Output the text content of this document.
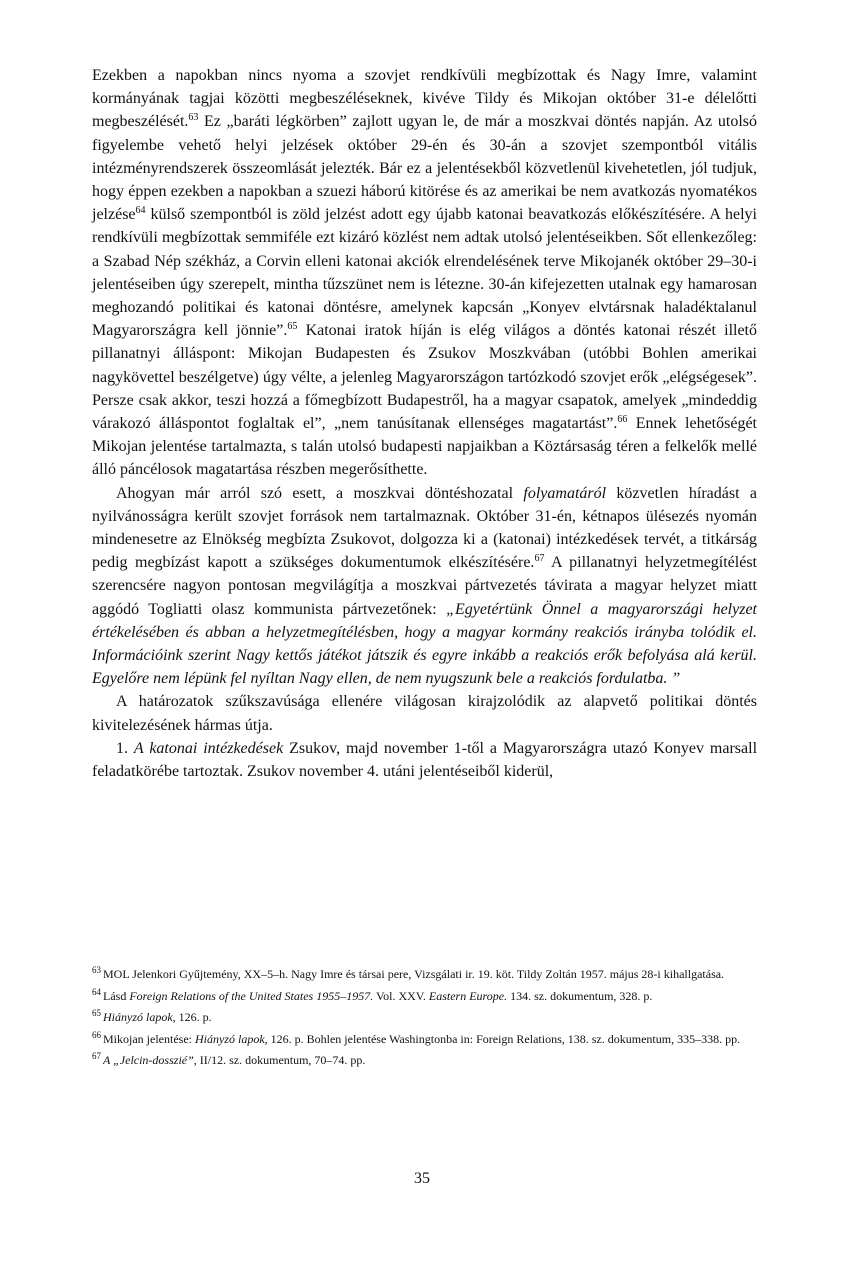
Ezekben a napokban nincs nyoma a szovjet rendkívüli megbízottak és Nagy Imre, valamint kormányának tagjai közötti megbeszéléseknek, kivéve Tildy és Mikojan október 31-e délelőtti megbeszélését.$^{63}$ Ez „baráti légkörben” zajlott ugyan le, de már a moszkvai döntés napján. Az utolsó figyelembe vehető helyi jelzések október 29-én és 30-án a szovjet szempontból vitális intézményrendszerek összeomlását jelezték. Bár ez a jelentésekből közvetlenül kivehetetlen, jól tudjuk, hogy éppen ezekben a napokban a szuezi háború kitörése és az amerikai be nem avatkozás nyomatékos jelzése$^{64}$ külső szempontból is zöld jelzést adott egy újabb katonai beavatkozás előkészítésére. A helyi rendkívüli megbízottak semmiféle ezt kizáró közlést nem adtak utolsó jelentéseikben. Sőt ellenkezőleg: a Szabad Nép székház, a Corvin elleni katonai akciók elrendelésének terve Mikojanék október 29–30-i jelentéseiben úgy szerepelt, mintha tűzszünet nem is létezne. 30-án kifejezetten utalnak egy hamarosan meghozandó politikai és katonai döntésre, amelynek kapcsán „Konyev elvtársnak haladéktalanul Magyarországra kell jönnie”.$^{65}$ Katonai iratok híján is elég világos a döntés katonai részét illető pillanatnyi álláspont: Mikojan Budapesten és Zsukov Moszkvában (utóbbi Bohlen amerikai nagykövettel beszélgetve) úgy vélte, a jelenleg Magyarországon tartózkodó szovjet erők „elégségesek”. Persze csak akkor, teszi hozzá a főmegbízott Budapestről, ha a magyar csapatok, amelyek „mindeddig várakozó álláspontot foglaltak el”, „nem tanúsítanak ellenséges magatartást”.$^{66}$ Ennek lehetőségét Mikojan jelentése tartalmazta, s talán utolsó budapesti napjaikban a Köztársaság téren a felkelők mellé álló páncélosok magatartása részben megerősíthette.

Ahogyan már arról szó esett, a moszkvai döntéshozatal folyamatáról közvetlen híradást a nyilvánosságra került szovjet források nem tartalmaznak. Október 31-én, kétnapos ülésezés nyomán mindenesetre az Elnökség megbízta Zsukovot, dolgozza ki a (katonai) intézkedések tervét, a titkárság pedig megbízást kapott a szükséges dokumentumok elkészítésére.$^{67}$ A pillanatnyi helyzetmegítélést szerencsére nagyon pontosan megvilágítja a moszkvai pártvezetés távirata a magyar helyzet miatt aggódó Togliatti olasz kommunista pártvezetőnek: „Egyetértünk Önnel a magyarországi helyzet értékelésében és abban a helyzetmegítélésben, hogy a magyar kormány reakciós irányba tolódik el. Információink szerint Nagy kettős játékot játszik és egyre inkább a reakciós erők befolyása alá kerül. Egyelőre nem lépünk fel nyíltan Nagy ellen, de nem nyugszunk bele a reakciós fordulatba. ”

A határozatok szűkszavúsága ellenére világosan kirajzolódik az alapvető politikai döntés kivitelezésének hármas útja.

1. A katonai intézkedések Zsukov, majd november 1-től a Magyarországra utazó Konyev marsall feladatkörébe tartoztak. Zsukov november 4. utáni jelentéseiből kiderül,

$^{63}$ MOL Jelenkori Gyűjtemény, XX–5–h. Nagy Imre és társai pere, Vizsgálati ir. 19. köt. Tildy Zoltán 1957. május 28-i kihallgatása.

$^{64}$ Lásd Foreign Relations of the United States 1955–1957. Vol. XXV. Eastern Europe. 134. sz. dokumentum, 328. p.

$^{65}$ Hiányzó lapok, 126. p.

$^{66}$ Mikojan jelentése: Hiányzó lapok, 126. p. Bohlen jelentése Washingtonba in: Foreign Relations, 138. sz. dokumentum, 335–338. pp.

$^{67}$ A „Jelcin-dosszié”, II/12. sz. dokumentum, 70–74. pp.

35
